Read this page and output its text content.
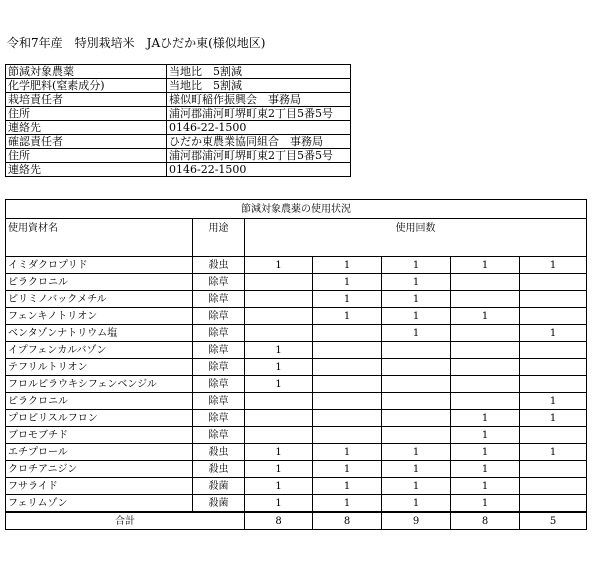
令和7年産　特別栽培米　JAひだか東(様似地区)
節減対象農薬	当地比　5割減
化学肥料(窒素成分)	当地比　5割減
栽培責任者	様似町稲作振興会　事務局
住所	浦河郡浦河町堺町東2丁目5番5号
連絡先	0146-22-1500
確認責任者	ひだか東農業協同組合　事務局
住所	浦河郡浦河町堺町東2丁目5番5号
連絡先	0146-22-1500
節減対象農薬の使用状況						
使用資材名	用途	使用回数				
イミダクロプリド	殺虫	1	1	1	1	1
ピラクロニル	除草		1	1		
ピリミノバックメチル	除草		1	1		
フェンキノトリオン	除草		1	1	1	
ベンタゾンナトリウム塩	除草			1		1
イプフェンカルバゾン	除草	1				
テフリルトリオン	除草	1				
フロルピラウキシフェンベンジル	除草	1				
ピラクロニル	除草					1
プロピリスルフロン	除草				1	1
ブロモブチド	除草				1	
エチプロール	殺虫	1	1	1	1	1
クロチアニジン	殺虫	1	1	1	1	
フサライド	殺菌	1	1	1	1	
フェリムゾン	殺菌	1	1	1	1	
合計		8	8	9	8	5
